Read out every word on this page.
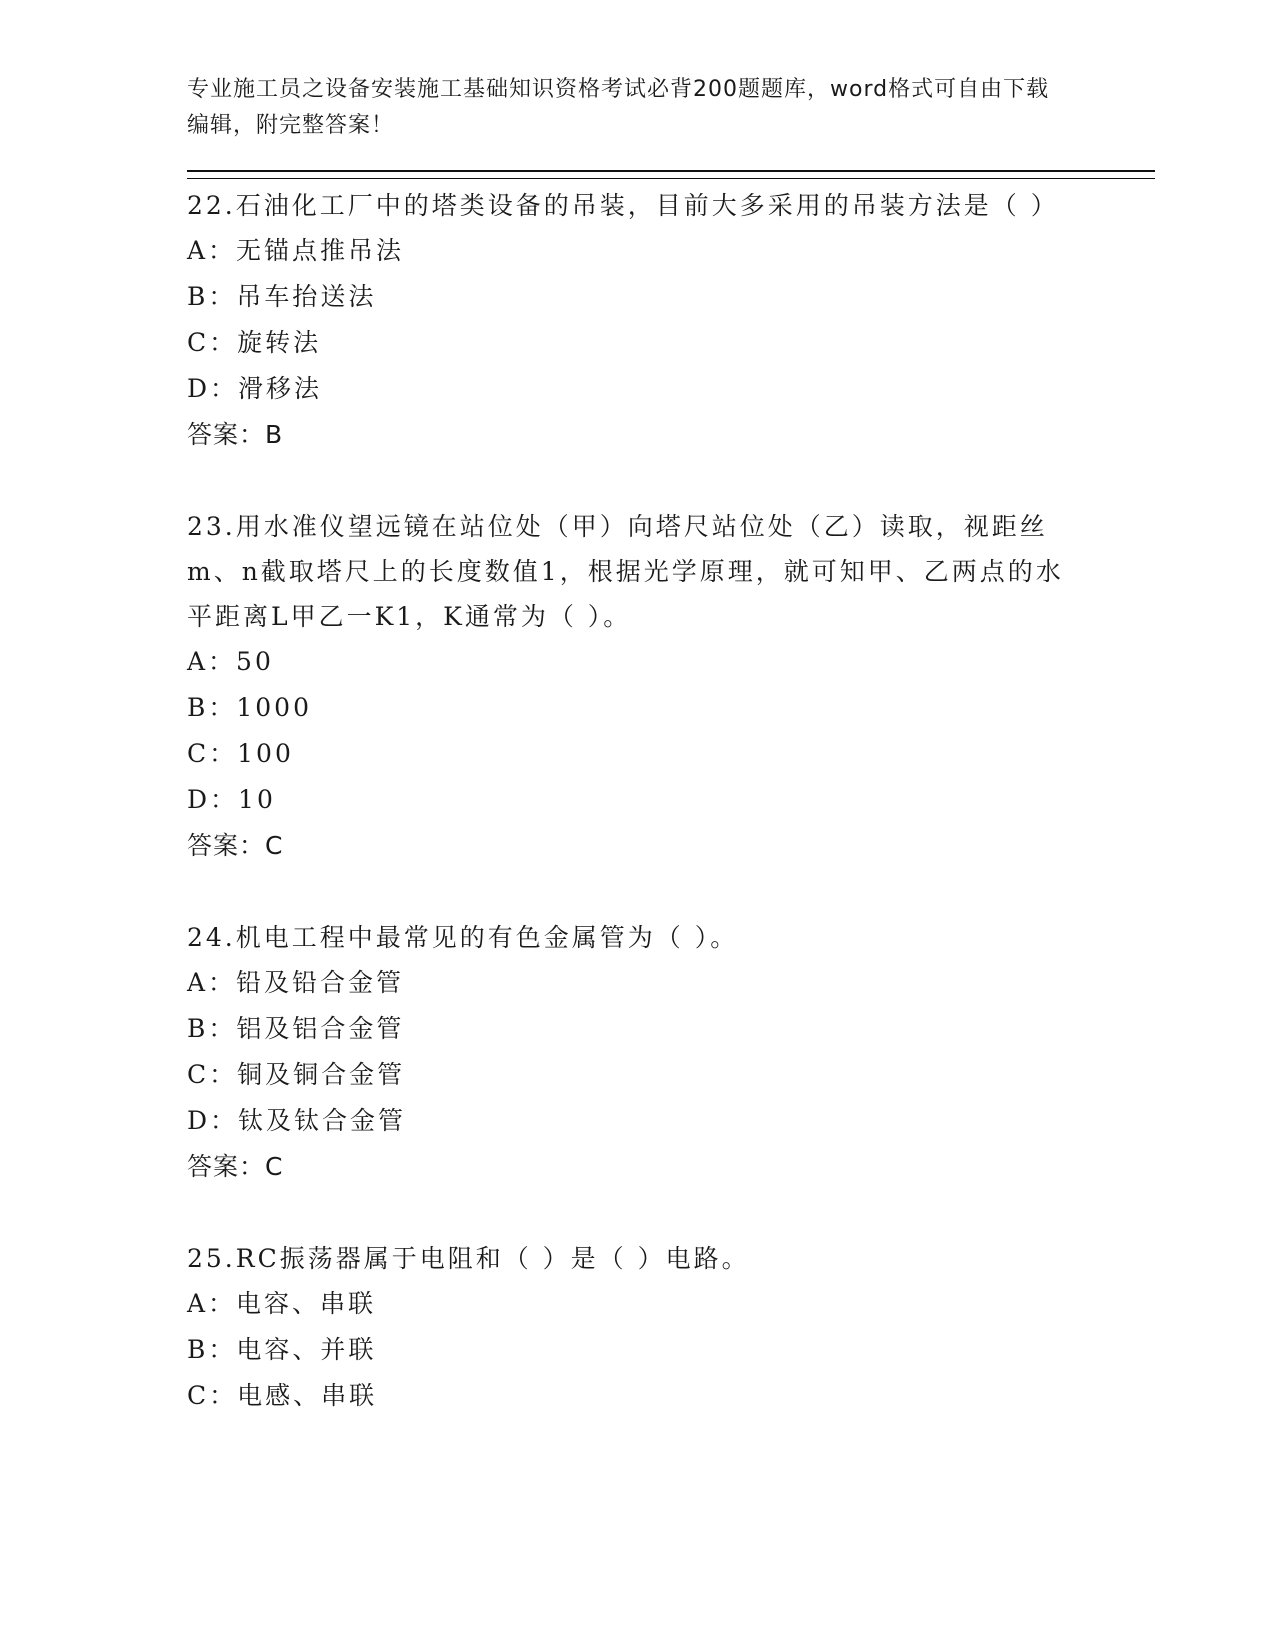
专业施工员之设备安装施工基础知识资格考试必背200题题库，word格式可自由下载编辑，附完整答案！

22.石油化工厂中的塔类设备的吊装，目前大多采用的吊装方法是（ ）

A：无锚点推吊法

B：吊车抬送法

C：旋转法

D：滑移法

答案：B

23.用水准仪望远镜在站位处（甲）向塔尺站位处（乙）读取，视距丝m、n截取塔尺上的长度数值1，根据光学原理，就可知甲、乙两点的水平距离L甲乙一K1，K通常为（ ）。

A：50

B：1000

C：100

D：10

答案：C

24.机电工程中最常见的有色金属管为（ ）。

A：铅及铅合金管

B：铝及铝合金管

C：铜及铜合金管

D：钛及钛合金管

答案：C

25.RC振荡器属于电阻和（ ）是（ ）电路。

A：电容、串联

B：电容、并联

C：电感、串联
